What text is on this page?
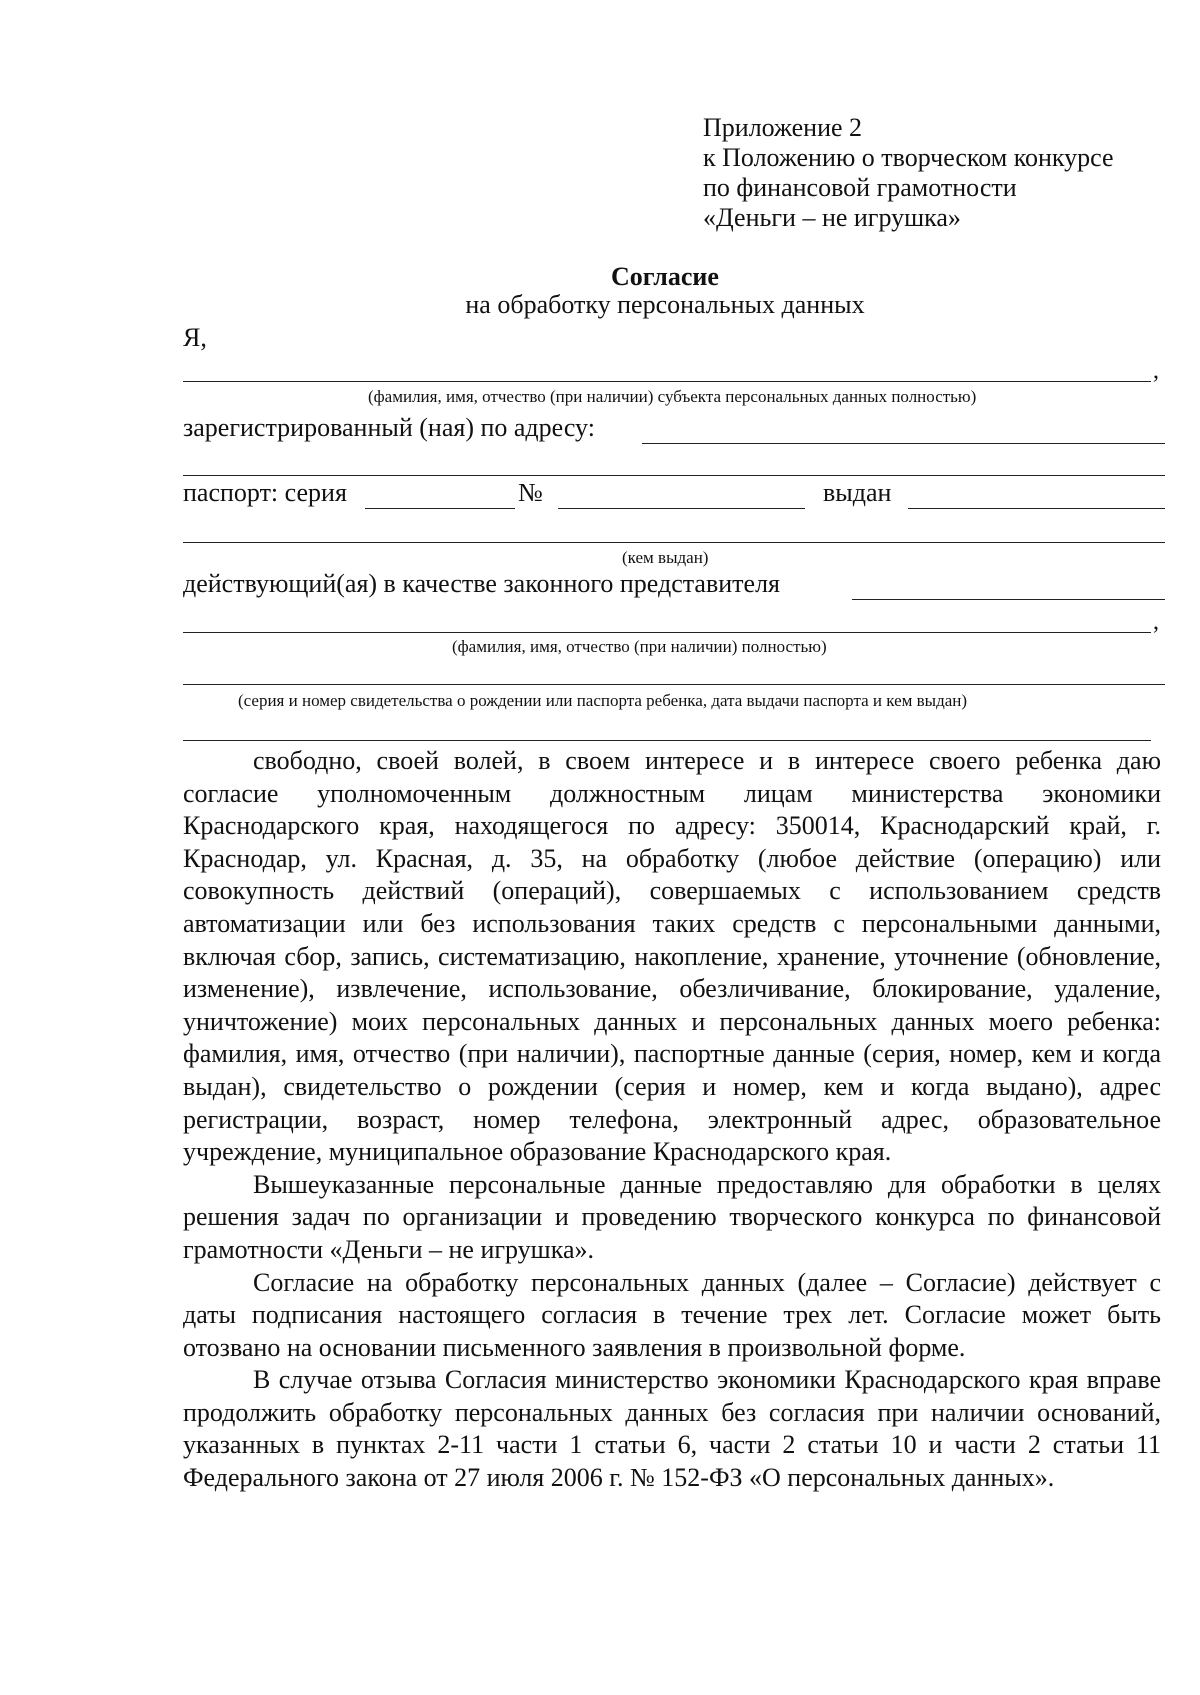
Приложение 2
к Положению о творческом конкурсе
по финансовой грамотности
«Деньги – не игрушка»
Согласие
на обработку персональных данных
Я,
,
(фамилия, имя, отчество (при наличии) субъекта персональных данных полностью)
зарегистрированный (ная) по адресу:
паспорт: серия	№	выдан
(кем выдан)
действующий(ая) в качестве законного представителя
,
(фамилия, имя, отчество (при наличии) полностью)
(серия и номер свидетельства о рождении или паспорта ребенка, дата выдачи паспорта и кем выдан)

свободно, своей волей, в своем интересе и в интересе своего ребенка даю согласие уполномоченным должностным лицам министерства экономики Краснодарского края, находящегося по адресу: 350014, Краснодарский край, г. Краснодар, ул. Красная, д. 35, на обработку (любое действие (операцию) или совокупность действий (операций), совершаемых с использованием средств автоматизации или без использования таких средств с персональными данными, включая сбор, запись, систематизацию, накопление, хранение, уточнение (обновление, изменение), извлечение, использование, обезличивание, блокирование, удаление, уничтожение) моих персональных данных и персональных данных моего ребенка: фамилия, имя, отчество (при наличии), паспортные данные (серия, номер, кем и когда выдан), свидетельство о рождении (серия и номер, кем и когда выдано), адрес регистрации, возраст, номер телефона, электронный адрес, образовательное учреждение, муниципальное образование Краснодарского края.

Вышеуказанные персональные данные предоставляю для обработки в целях решения задач по организации и проведению творческого конкурса по финансовой грамотности «Деньги – не игрушка».

Согласие на обработку персональных данных (далее – Согласие) действует с даты подписания настоящего согласия в течение трех лет. Согласие может быть отозвано на основании письменного заявления в произвольной форме.

В случае отзыва Согласия министерство экономики Краснодарского края вправе продолжить обработку персональных данных без согласия при наличии оснований, указанных в пунктах 2-11 части 1 статьи 6, части 2 статьи 10 и части 2 статьи 11 Федерального закона от 27 июля 2006 г. № 152-ФЗ «О персональных данных».
